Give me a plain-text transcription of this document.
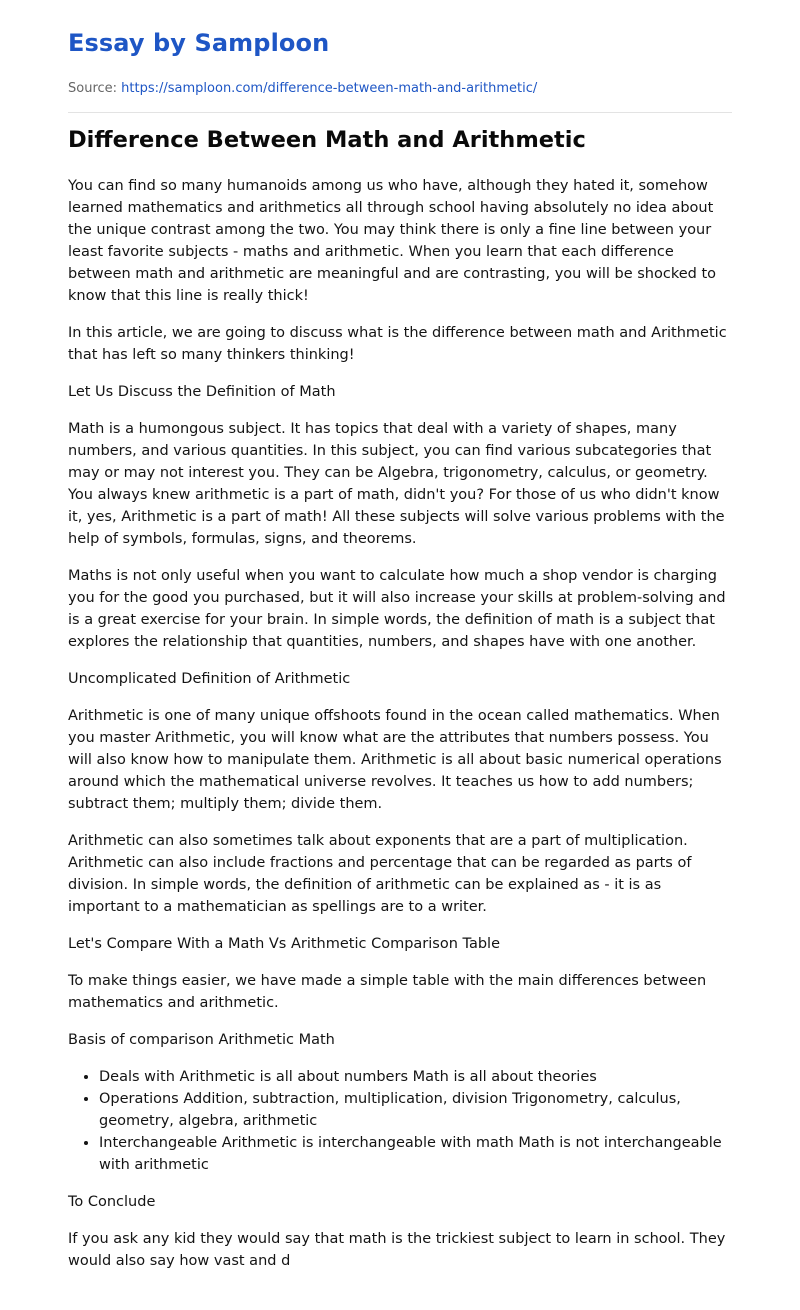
Essay by Samploon
Source: https://samploon.com/difference-between-math-and-arithmetic/
Difference Between Math and Arithmetic

You can find so many humanoids among us who have, although they hated it, somehow learned mathematics and arithmetics all through school having absolutely no idea about the unique contrast among the two. You may think there is only a fine line between your least favorite subjects - maths and arithmetic. When you learn that each difference between math and arithmetic are meaningful and are contrasting, you will be shocked to know that this line is really thick!

In this article, we are going to discuss what is the difference between math and Arithmetic that has left so many thinkers thinking!

Let Us Discuss the Definition of Math

Math is a humongous subject. It has topics that deal with a variety of shapes, many numbers, and various quantities. In this subject, you can find various subcategories that may or may not interest you. They can be Algebra, trigonometry, calculus, or geometry. You always knew arithmetic is a part of math, didn't you? For those of us who didn't know it, yes, Arithmetic is a part of math! All these subjects will solve various problems with the help of symbols, formulas, signs, and theorems.

Maths is not only useful when you want to calculate how much a shop vendor is charging you for the good you purchased, but it will also increase your skills at problem-solving and is a great exercise for your brain. In simple words, the definition of math is a subject that explores the relationship that quantities, numbers, and shapes have with one another.

Uncomplicated Definition of Arithmetic

Arithmetic is one of many unique offshoots found in the ocean called mathematics. When you master Arithmetic, you will know what are the attributes that numbers possess. You will also know how to manipulate them. Arithmetic is all about basic numerical operations around which the mathematical universe revolves. It teaches us how to add numbers; subtract them; multiply them; divide them.

Arithmetic can also sometimes talk about exponents that are a part of multiplication. Arithmetic can also include fractions and percentage that can be regarded as parts of division. In simple words, the definition of arithmetic can be explained as - it is as important to a mathematician as spellings are to a writer.

Let's Compare With a Math Vs Arithmetic Comparison Table

To make things easier, we have made a simple table with the main differences between mathematics and arithmetic.

Basis of comparison Arithmetic Math

• Deals with Arithmetic is all about numbers Math is all about theories
• Operations Addition, subtraction, multiplication, division Trigonometry, calculus, geometry, algebra, arithmetic
• Interchangeable Arithmetic is interchangeable with math Math is not interchangeable with arithmetic

To Conclude

If you ask any kid they would say that math is the trickiest subject to learn in school. They would also say how vast and d
